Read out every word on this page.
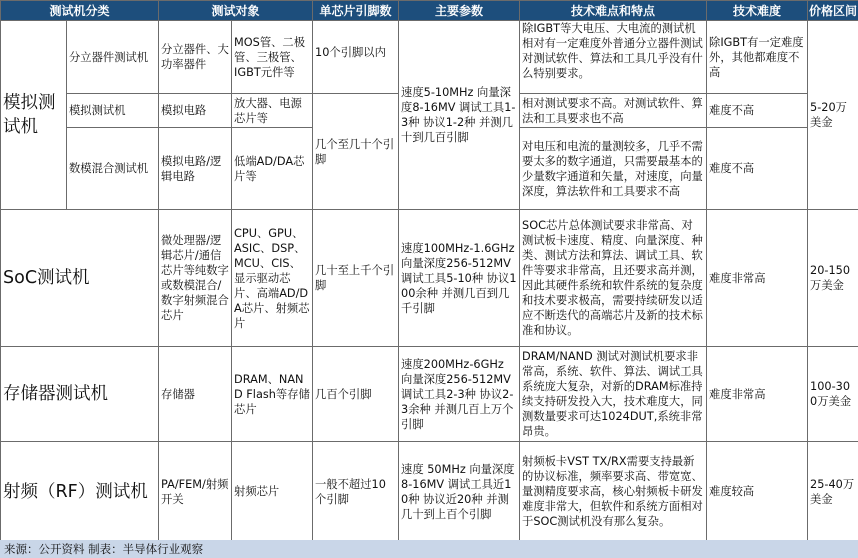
测试机分类		测试对象		单芯片引脚数	主要参数	技术难点和特点	技术难度	价格区间
模拟测试机	分立器件测试机	分立器件、大功率器件	MOS管、二极管、三极管、IGBT元件等	10个引脚以内	速度5-10MHz 向量深度8-16MV 调试工具1-3种 协议1-2种 并测几十到几百引脚	除IGBT等大电压、大电流的测试机相对有一定难度外普通分立器件测试对测试软件、算法和工具几乎没有什么特别要求。	除IGBT有一定难度外，其他都难度不高	5-20万美金
	模拟测试机	模拟电路	放大器、电源芯片等	几个至几十个引脚		相对测试要求不高。对测试软件、算法和工具要求也不高	难度不高	
	数模混合测试机	模拟电路/逻辑电路	低端AD/DA芯片等			对电压和电流的量测较多，几乎不需要太多的数字通道，只需要最基本的少量数字通道和矢量，对速度，向量深度，算法软件和工具要求不高	难度不高	
SoC测试机		微处理器/逻辑芯片/通信芯片等纯数字或数模混合/数字射频混合芯片	CPU、GPU、ASIC、DSP、MCU、CIS、显示驱动芯片、高端AD/DA芯片、射频芯片	几十至上千个引脚	速度100MHz-1.6GHz 向量深度256-512MV 调试工具5-10种 协议100余种 并测几百到几千引脚	SOC芯片总体测试要求非常高、对测试板卡速度、精度、向量深度、种类、测试方法和算法、调试工具、软件等要求非常高，且还要求高并测，因此其硬件系统和软件系统的复杂度和技术要求极高，需要持续研发以适应不断迭代的高端芯片及新的技术标准和协议。	难度非常高	20-150万美金
存储器测试机		存储器	DRAM、NAND Flash等存储芯片	几百个引脚	速度200MHz-6GHz 向量深度256-512MV 调试工具2-3种 协议2-3余种 并测几百上万个引脚	DRAM/NAND 测试对测试机要求非常高，系统、软件、算法、调试工具系统庞大复杂，对新的DRAM标准持续支持研发投入大，技术难度大，同测数量要求可达1024DUT,系统非常昂贵。	难度非常高	100-300万美金
射频（RF）测试机		PA/FEM/射频开关	射频芯片	一般不超过10个引脚	速度 50MHz 向量深度8-16MV 调试工具近10种 协议近20种 并测几十到上百个引脚	射频板卡VST TX/RX需要支持最新的协议标准，频率要求高、带宽宽、量测精度要求高，核心射频板卡研发难度非常大，但软件和系统方面相对于SOC测试机没有那么复杂。	难度较高	25-40万美金
来源：公开资料 制表：半导体行业观察
